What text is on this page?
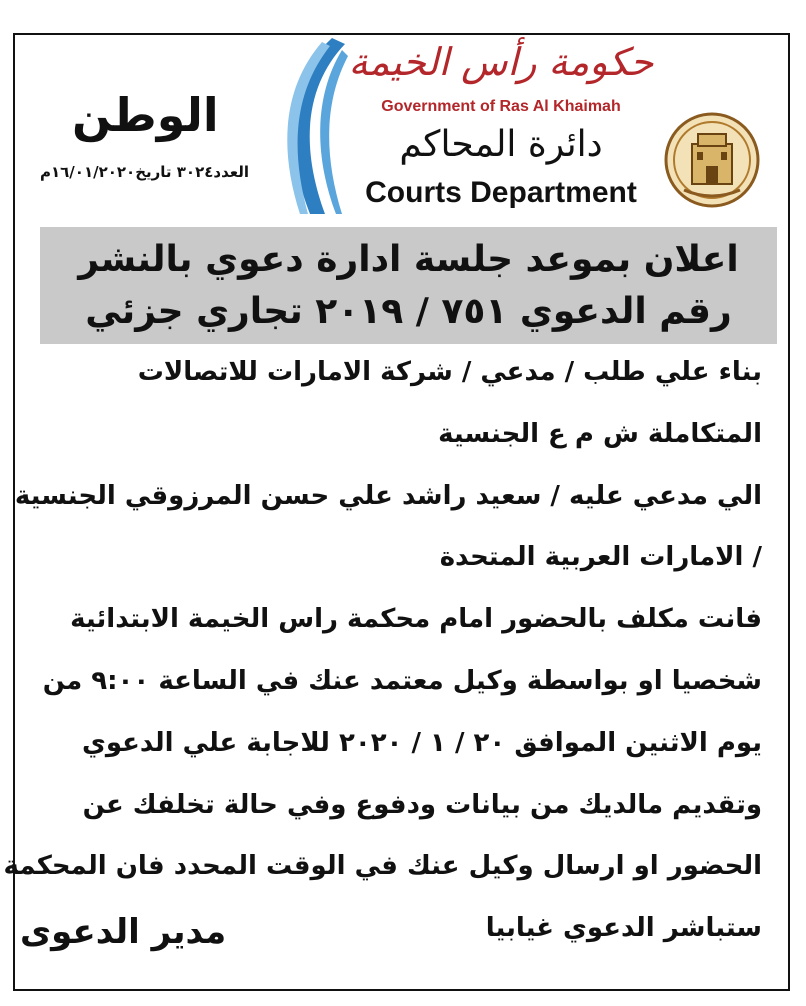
الوطن
العدد٣٠٢٤ تاريخ١٦/٠١/٢٠٢٠م
حكومة رأس الخيمة
Government of Ras Al Khaimah
دائرة المحاكم
Courts Department
اعلان بموعد جلسة ادارة دعوي بالنشر
رقم الدعوي ٧٥١ / ٢٠١٩ تجاري جزئي
بناء علي طلب / مدعي / شركة الامارات للاتصالات
المتكاملة ش م ع الجنسية
الي مدعي عليه / سعيد راشد علي حسن المرزوقي الجنسية
/ الامارات العربية المتحدة
فانت مكلف بالحضور امام محكمة راس الخيمة الابتدائية
شخصيا او بواسطة وكيل معتمد عنك في الساعة ٩:٠٠ من
يوم الاثنين الموافق ٢٠ / ١ / ٢٠٢٠ للاجابة علي الدعوي
وتقديم مالديك من بيانات ودفوع وفي حالة تخلفك عن
الحضور او ارسال وكيل عنك في الوقت المحدد فان المحكمة
ستباشر الدعوي غيابيا
مدير الدعوى
